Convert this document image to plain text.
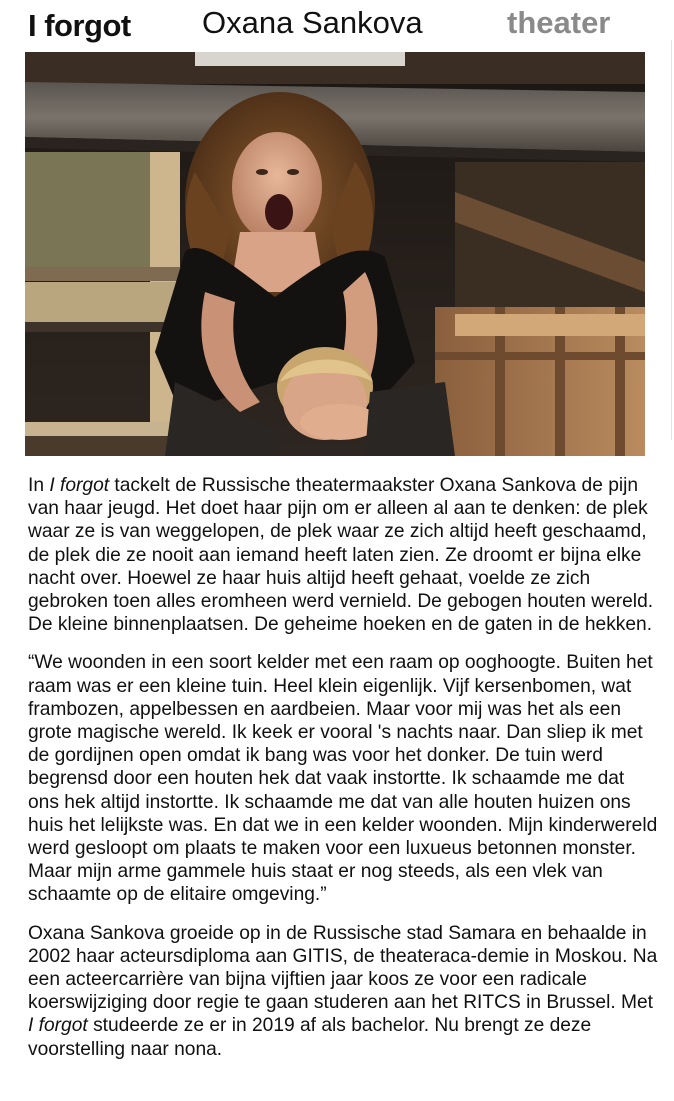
I forgot Oxana Sankova	theater

In I forgot tackelt de Russische theatermaakster Oxana Sankova de pijn van haar jeugd. Het doet haar pijn om er alleen al aan te denken: de plek waar ze is van weggelopen, de plek waar ze zich altijd heeft geschaamd, de plek die ze nooit aan iemand heeft laten zien. Ze droomt er bijna elke nacht over. Hoewel ze haar huis altijd heeft gehaat, voelde ze zich gebroken toen alles eromheen werd vernield. De gebogen houten wereld. De kleine binnenplaatsen. De geheime hoeken en de gaten in de hekken.

“We woonden in een soort kelder met een raam op ooghoogte. Buiten het raam was er een kleine tuin. Heel klein eigenlijk. Vijf kersenbomen, wat frambozen, appelbessen en aardbeien. Maar voor mij was het als een grote magische wereld. Ik keek er vooral 's nachts naar. Dan sliep ik met de gordijnen open omdat ik bang was voor het donker. De tuin werd begrensd door een houten hek dat vaak instortte. Ik schaamde me dat ons hek altijd instortte. Ik schaamde me dat van alle houten huizen ons huis het lelijkste was. En dat we in een kelder woonden. Mijn kinderwereld werd gesloopt om plaats te maken voor een luxueus betonnen monster. Maar mijn arme gammele huis staat er nog steeds, als een vlek van schaamte op de elitaire omgeving.”

Oxana Sankova groeide op in de Russische stad Samara en behaalde in 2002 haar acteursdiploma aan GITIS, de theateraca-demie in Moskou. Na een acteercarrière van bijna vijftien jaar koos ze voor een radicale koerswijziging door regie te gaan studeren aan het RITCS in Brussel. Met I forgot studeerde ze er in 2019 af als bachelor. Nu brengt ze deze voorstelling naar nona.
